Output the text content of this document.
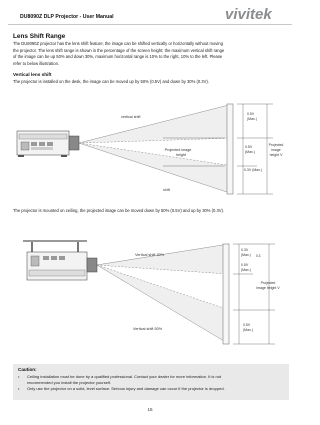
DU8090Z DLP Projector - User Manual	vivitek
Lens Shift Range
The DU8090Z projector has the lens shift feature; the image can be shifted vertically or horizontally without moving
the projector. The lens shift range is shown in the percentage of the screen height; the maximum vertical shift range
of the image can be up 50% and down 30%, maximum horizontal range is 10% to the right, 10% to the left. Please
refer to below illustration.
Vertical lens shift
The projector is installed on the desk, the image can be moved up by 50% (0.5V) and down by 30% (0.3V).
vertical shift
shift
Projected image
height
0.5V
(Max.)
0.5V
(Max.)
0.3V (Max.)
Projected
image
height V
The projector is mounted on ceiling, the projected image can be moved down by 50% (0.5V) and up by 30% (0.3V).
Vertical shift 30%
Vertical shift 50%
0.3V
(Max.) 0.3
0.5V
(Max.)
0.5V
(Max.)
Projected
image height V
Caution:
• Ceiling installation must be done by a qualified professional. Contact your dealer for more information. It is not
recommended you install the projector yourself.
• Only use the projector on a solid, level surface. Serious injury and damage can occur if the projector is dropped.
15
